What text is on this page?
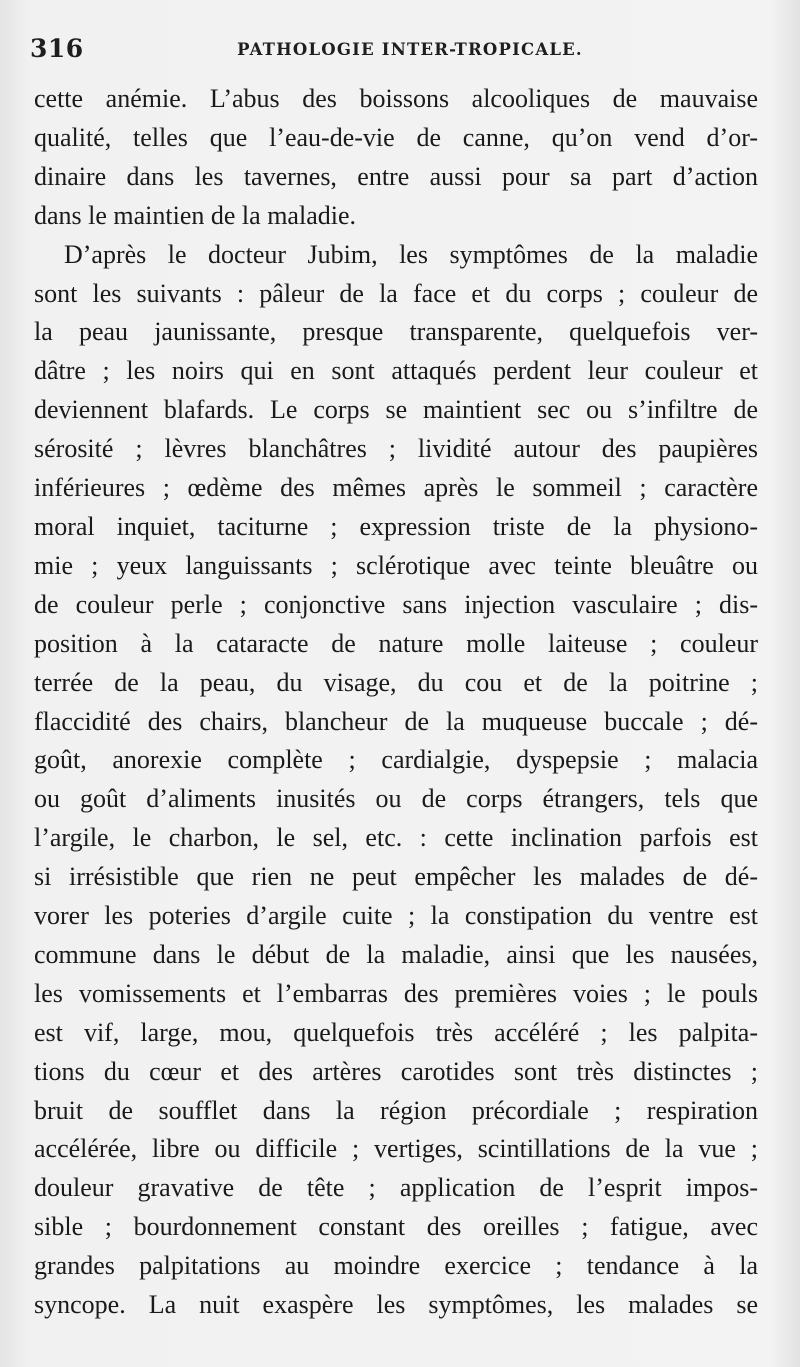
316	PATHOLOGIE INTER-TROPICALE.
cette anémie. L’abus des boissons alcooliques de mauvaise
qualité, telles que l’eau-de-vie de canne, qu’on vend d’or-
dinaire dans les tavernes, entre aussi pour sa part d’action
dans le maintien de la maladie.
D’après le docteur Jubim, les symptômes de la maladie
sont les suivants : pâleur de la face et du corps ; couleur de
la peau jaunissante, presque transparente, quelquefois ver-
dâtre ; les noirs qui en sont attaqués perdent leur couleur et
deviennent blafards. Le corps se maintient sec ou s’infiltre de
sérosité ; lèvres blanchâtres ; lividité autour des paupières
inférieures ; œdème des mêmes après le sommeil ; caractère
moral inquiet, taciturne ; expression triste de la physiono-
mie ; yeux languissants ; sclérotique avec teinte bleuâtre ou
de couleur perle ; conjonctive sans injection vasculaire ; dis-
position à la cataracte de nature molle laiteuse ; couleur
terrée de la peau, du visage, du cou et de la poitrine ;
flaccidité des chairs, blancheur de la muqueuse buccale ; dé-
goût, anorexie complète ; cardialgie, dyspepsie ; malacia
ou goût d’aliments inusités ou de corps étrangers, tels que
l’argile, le charbon, le sel, etc. : cette inclination parfois est
si irrésistible que rien ne peut empêcher les malades de dé-
vorer les poteries d’argile cuite ; la constipation du ventre est
commune dans le début de la maladie, ainsi que les nausées,
les vomissements et l’embarras des premières voies ; le pouls
est vif, large, mou, quelquefois très accéléré ; les palpita-
tions du cœur et des artères carotides sont très distinctes ;
bruit de soufflet dans la région précordiale ; respiration
accélérée, libre ou difficile ; vertiges, scintillations de la vue ;
douleur gravative de tête ; application de l’esprit impos-
sible ; bourdonnement constant des oreilles ; fatigue, avec
grandes palpitations au moindre exercice ; tendance à la
syncope. La nuit exaspère les symptômes, les malades se
